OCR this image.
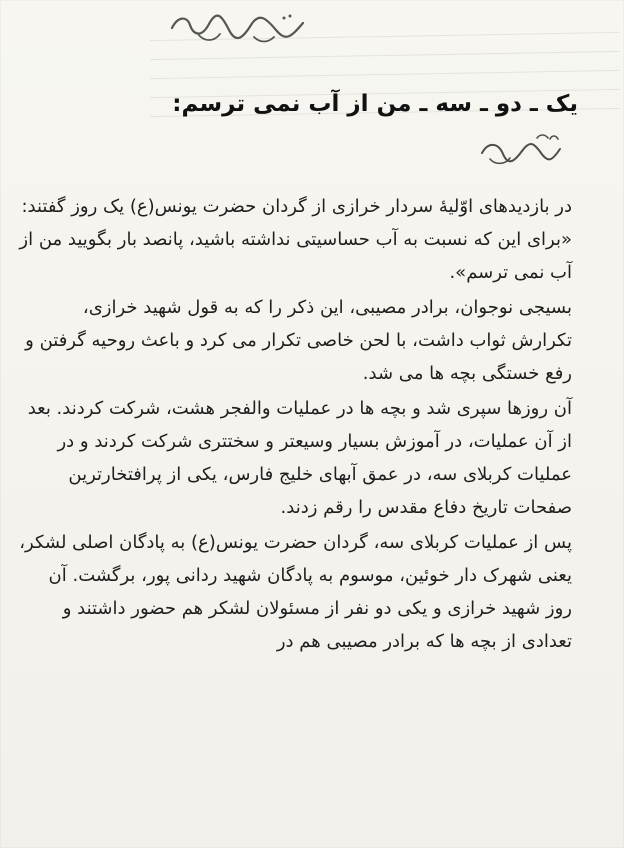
یک ـ دو ـ سه ـ من از آب نمی ترسم:

در بازدیدهای اوّلیهٔ سردار خرازی از گردان حضرت یونس(ع) یک روز گفتند: «برای این که نسبت به آب حساسیتی نداشته باشید، پانصد بار بگویید من از آب نمی ترسم».

بسیجی نوجوان، برادر مصیبی، این ذکر را که به قول شهید خرازی، تکرارش ثواب داشت، با لحن خاصی تکرار می کرد و باعث روحیه گرفتن و رفع خستگی بچه ها می شد.

آن روزها سپری شد و بچه ها در عملیات والفجر هشت، شرکت کردند. بعد از آن عملیات، در آموزش بسیار وسیعتر و سختتری شرکت کردند و در عملیات کربلای سه، در عمق آبهای خلیج فارس، یکی از پرافتخارترین صفحات تاریخ دفاع مقدس را رقم زدند.

پس از عملیات کربلای سه، گردان حضرت یونس(ع) به پادگان اصلی لشکر، یعنی شهرک دار خوئین، موسوم به پادگان شهید ردانی پور، برگشت. آن روز شهید خرازی و یکی دو نفر از مسئولان لشکر هم حضور داشتند و تعدادی از بچه ها که برادر مصیبی هم در
